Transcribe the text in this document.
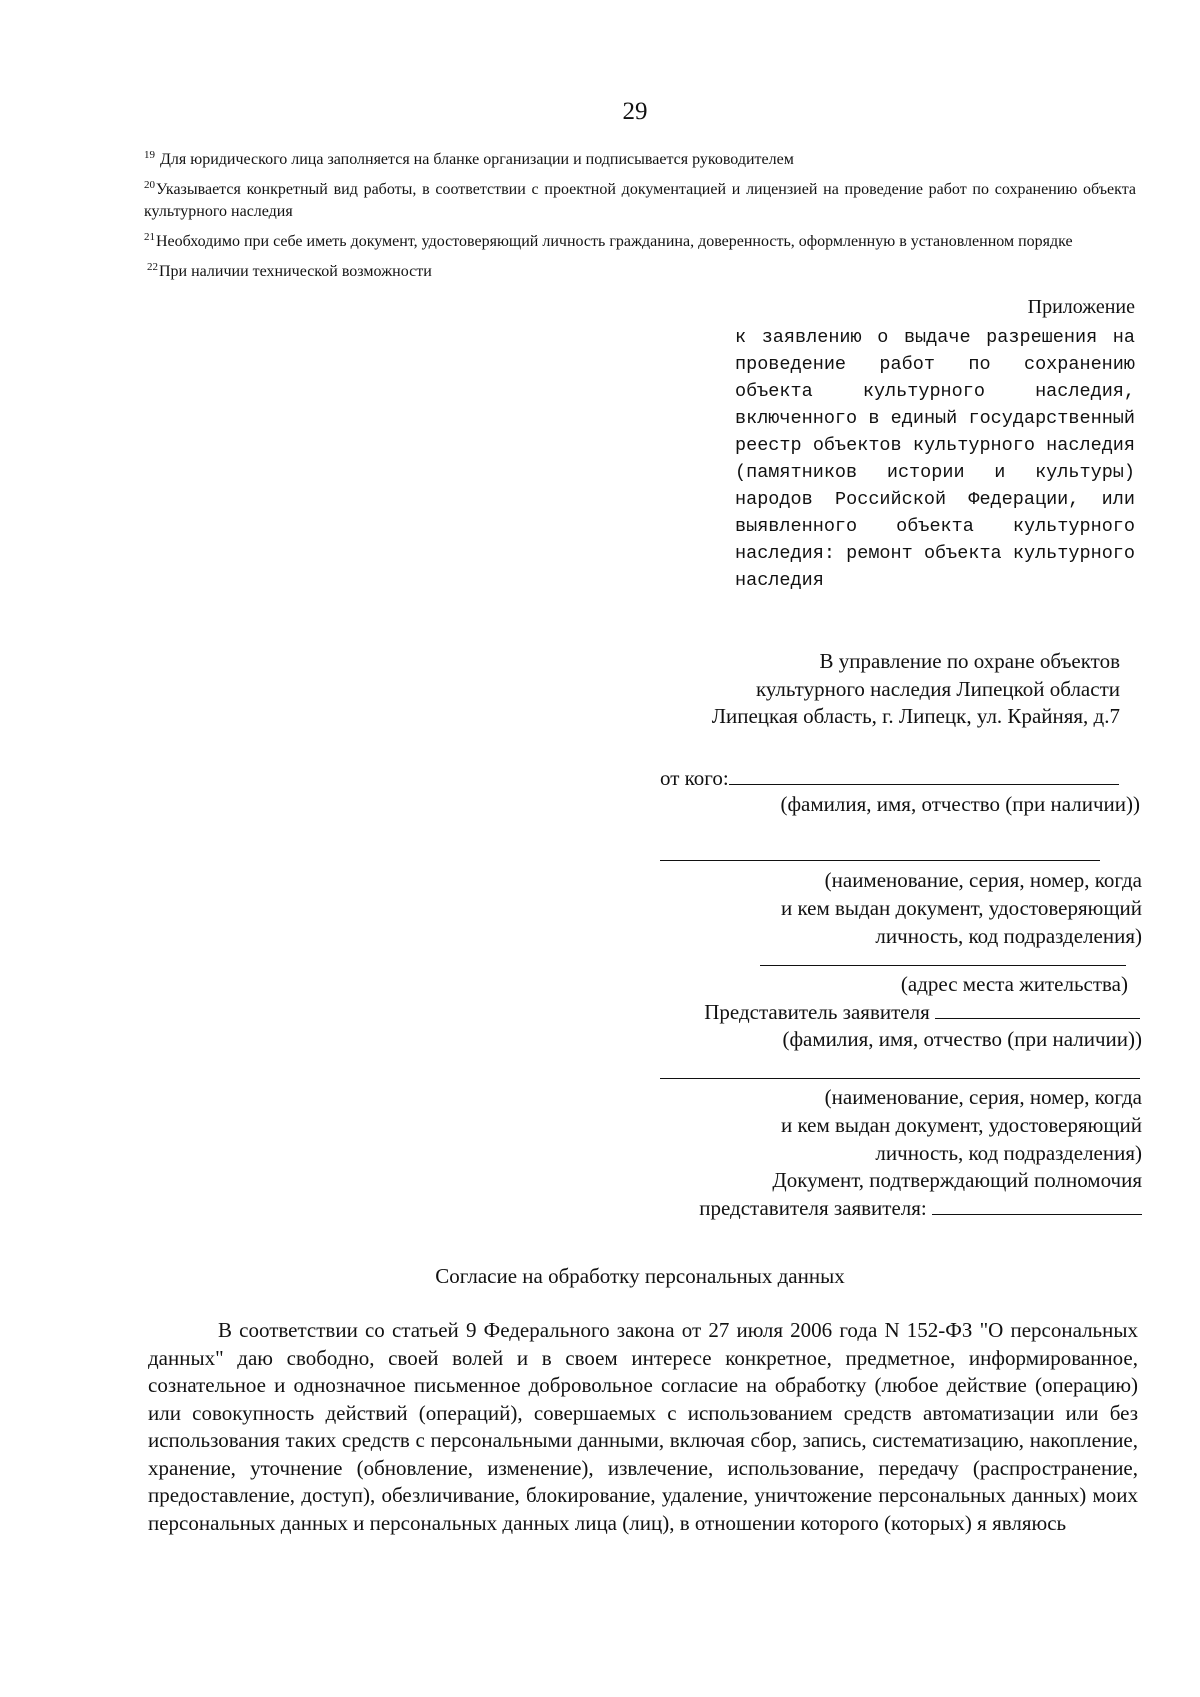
29

$^{19}$ Для юридического лица заполняется на бланке организации и подписывается руководителем

$^{20}$Указывается конкретный вид работы, в соответствии с проектной документацией и лицензией на проведение работ по сохранению объекта культурного наследия

$^{21}$Необходимо при себе иметь документ, удостоверяющий личность гражданина, доверенность, оформленную в установленном порядке

$^{22}$При наличии технической возможности

Приложение
к заявлению о выдаче разрешения на проведение работ по сохранению объекта культурного наследия, включенного в единый государственный реестр объектов культурного наследия (памятников истории и культуры) народов Российской Федерации, или выявленного объекта культурного наследия: ремонт объекта культурного наследия
В управление по охране объектов
культурного наследия Липецкой области
Липецкая область, г. Липецк, ул. Крайняя, д.7
от кого:
(фамилия, имя, отчество (при наличии))
(наименование, серия, номер, когда
и кем выдан документ, удостоверяющий
личность, код подразделения)
(адрес места жительства)
Представитель заявителя
(фамилия, имя, отчество (при наличии))
(наименование, серия, номер, когда
и кем выдан документ, удостоверяющий
личность, код подразделения)
Документ, подтверждающий полномочия
представителя заявителя:
Согласие на обработку персональных данных
В соответствии со статьей 9 Федерального закона от 27 июля 2006 года N 152-ФЗ "О персональных данных" даю свободно, своей волей и в своем интересе конкретное, предметное, информированное, сознательное и однозначное письменное добровольное согласие на обработку (любое действие (операцию) или совокупность действий (операций), совершаемых с использованием средств автоматизации или без использования таких средств с персональными данными, включая сбор, запись, систематизацию, накопление, хранение, уточнение (обновление, изменение), извлечение, использование, передачу (распространение, предоставление, доступ), обезличивание, блокирование, удаление, уничтожение персональных данных) моих персональных данных и персональных данных лица (лиц), в отношении которого (которых) я являюсь
